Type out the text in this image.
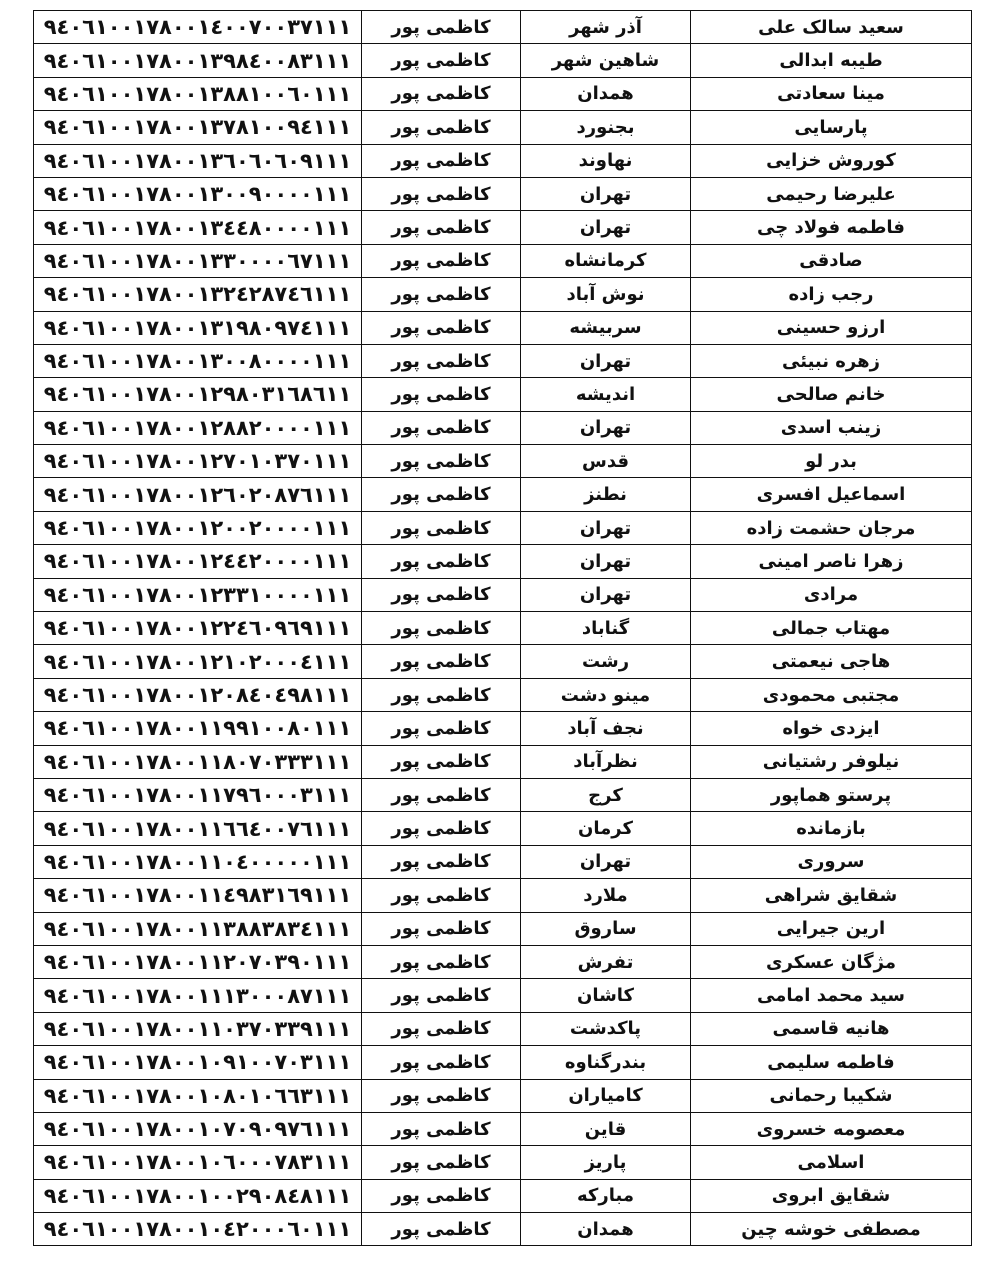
سعید سالک علی	آذر شهر	کاظمی پور	۹٤۰٦۱۰۰۱۷۸۰۰۱٤۰۰۷۰۰۳۷۱۱۱
طیبه ابدالی	شاهین شهر	کاظمی پور	۹٤۰٦۱۰۰۱۷۸۰۰۱۳۹۸٤۰۰۸۳۱۱۱
مینا سعادتی	همدان	کاظمی پور	۹٤۰٦۱۰۰۱۷۸۰۰۱۳۸۸۱۰۰٦۰۱۱۱
پارسایی	بجنورد	کاظمی پور	۹٤۰٦۱۰۰۱۷۸۰۰۱۳۷۸۱۰۰۹٤۱۱۱
کوروش خزایی	نهاوند	کاظمی پور	۹٤۰٦۱۰۰۱۷۸۰۰۱۳٦۰٦۰٦۰۹۱۱۱
علیرضا رحیمی	تهران	کاظمی پور	۹٤۰٦۱۰۰۱۷۸۰۰۱۳۰۰۹۰۰۰۰۱۱۱
فاطمه فولاد چی	تهران	کاظمی پور	۹٤۰٦۱۰۰۱۷۸۰۰۱۳٤٤۸۰۰۰۰۱۱۱
صادقی	کرمانشاه	کاظمی پور	۹٤۰٦۱۰۰۱۷۸۰۰۱۳۳۰۰۰۰٦۷۱۱۱
رجب زاده	نوش آباد	کاظمی پور	۹٤۰٦۱۰۰۱۷۸۰۰۱۳۲٤۲۸۷٤٦۱۱۱
ارزو حسینی	سربیشه	کاظمی پور	۹٤۰٦۱۰۰۱۷۸۰۰۱۳۱۹۸۰۹۷٤۱۱۱
زهره نبیئی	تهران	کاظمی پور	۹٤۰٦۱۰۰۱۷۸۰۰۱۳۰۰۸۰۰۰۰۱۱۱
خانم صالحی	اندیشه	کاظمی پور	۹٤۰٦۱۰۰۱۷۸۰۰۱۲۹۸۰۳۱٦۸٦۱۱
زینب اسدی	تهران	کاظمی پور	۹٤۰٦۱۰۰۱۷۸۰۰۱۲۸۸۲۰۰۰۰۱۱۱
بدر لو	قدس	کاظمی پور	۹٤۰٦۱۰۰۱۷۸۰۰۱۲۷۰۱۰۳۷۰۱۱۱
اسماعیل افسری	نطنز	کاظمی پور	۹٤۰٦۱۰۰۱۷۸۰۰۱۲٦۰۲۰۸۷٦۱۱۱
مرجان حشمت زاده	تهران	کاظمی پور	۹٤۰٦۱۰۰۱۷۸۰۰۱۲۰۰۲۰۰۰۰۱۱۱
زهرا ناصر امینی	تهران	کاظمی پور	۹٤۰٦۱۰۰۱۷۸۰۰۱۲٤٤۲۰۰۰۰۱۱۱
مرادی	تهران	کاظمی پور	۹٤۰٦۱۰۰۱۷۸۰۰۱۲۳۳۱۰۰۰۰۱۱۱
مهتاب جمالی	گناباد	کاظمی پور	۹٤۰٦۱۰۰۱۷۸۰۰۱۲۲٤٦۰۹٦۹۱۱۱
هاجی نیعمتی	رشت	کاظمی پور	۹٤۰٦۱۰۰۱۷۸۰۰۱۲۱۰۲۰۰۰٤۱۱۱
مجتبی محمودی	مینو دشت	کاظمی پور	۹٤۰٦۱۰۰۱۷۸۰۰۱۲۰۸٤۰٤۹۸۱۱۱
ایزدی خواه	نجف آباد	کاظمی پور	۹٤۰٦۱۰۰۱۷۸۰۰۱۱۹۹۱۰۰۸۰۱۱۱
نیلوفر رشتیانی	نظرآباد	کاظمی پور	۹٤۰٦۱۰۰۱۷۸۰۰۱۱۸۰۷۰۳۳۳۱۱۱
پرستو هماپور	کرج	کاظمی پور	۹٤۰٦۱۰۰۱۷۸۰۰۱۱۷۹٦۰۰۰۳۱۱۱
بازمانده	کرمان	کاظمی پور	۹٤۰٦۱۰۰۱۷۸۰۰۱۱٦٦٤۰۰۷٦۱۱۱
سروری	تهران	کاظمی پور	۹٤۰٦۱۰۰۱۷۸۰۰۱۱۰٤۰۰۰۰۰۱۱۱
شقایق شراهی	ملارد	کاظمی پور	۹٤۰٦۱۰۰۱۷۸۰۰۱۱٤۹۸۳۱٦۹۱۱۱
ارین جیرایی	ساروق	کاظمی پور	۹٤۰٦۱۰۰۱۷۸۰۰۱۱۳۸۸۳۸۳٤۱۱۱
مژگان عسکری	تفرش	کاظمی پور	۹٤۰٦۱۰۰۱۷۸۰۰۱۱۲۰۷۰۳۹۰۱۱۱
سید محمد امامی	کاشان	کاظمی پور	۹٤۰٦۱۰۰۱۷۸۰۰۱۱۱۳۰۰۰۸۷۱۱۱
هانیه قاسمی	پاکدشت	کاظمی پور	۹٤۰٦۱۰۰۱۷۸۰۰۱۱۰۳۷۰۳۳۹۱۱۱
فاطمه سلیمی	بندرگناوه	کاظمی پور	۹٤۰٦۱۰۰۱۷۸۰۰۱۰۹۱۰۰۷۰۳۱۱۱
شکیبا رحمانی	کامیاران	کاظمی پور	۹٤۰٦۱۰۰۱۷۸۰۰۱۰۸۰۱۰٦٦۳۱۱۱
معصومه خسروی	قاین	کاظمی پور	۹٤۰٦۱۰۰۱۷۸۰۰۱۰۷۰۹۰۹۷٦۱۱۱
اسلامی	پاریز	کاظمی پور	۹٤۰٦۱۰۰۱۷۸۰۰۱۰٦۰۰۰۷۸۳۱۱۱
شقایق ابروی	مبارکه	کاظمی پور	۹٤۰٦۱۰۰۱۷۸۰۰۱۰۰۲۹۰۸٤۸۱۱۱
مصطفی خوشه چین	همدان	کاظمی پور	۹٤۰٦۱۰۰۱۷۸۰۰۱۰٤۲۰۰۰٦۰۱۱۱
